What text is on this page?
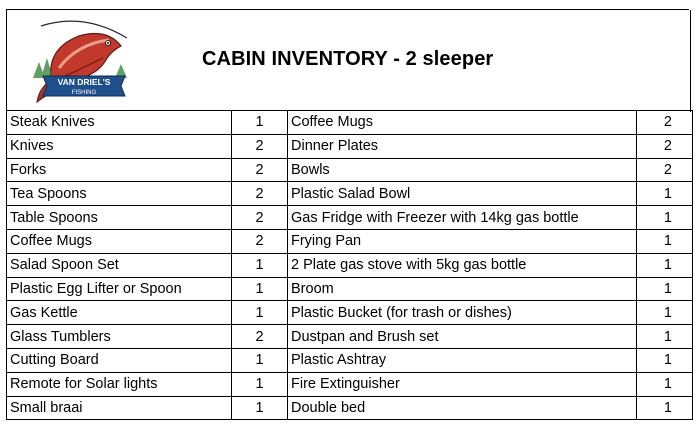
VAN DRIEL'S
FISHING
CABIN INVENTORY - 2 sleeper
Steak Knives	1	Coffee Mugs	2
Knives	2	Dinner Plates	2
Forks	2	Bowls	2
Tea Spoons	2	Plastic Salad Bowl	1
Table Spoons	2	Gas Fridge with Freezer with 14kg gas bottle	1
Coffee Mugs	2	Frying Pan	1
Salad Spoon Set	1	2 Plate gas stove with 5kg gas bottle	1
Plastic Egg Lifter or Spoon	1	Broom	1
Gas Kettle	1	Plastic Bucket (for trash or dishes)	1
Glass Tumblers	2	Dustpan and Brush set	1
Cutting Board	1	Plastic Ashtray	1
Remote for Solar lights	1	Fire Extinguisher	1
Small braai	1	Double bed	1
